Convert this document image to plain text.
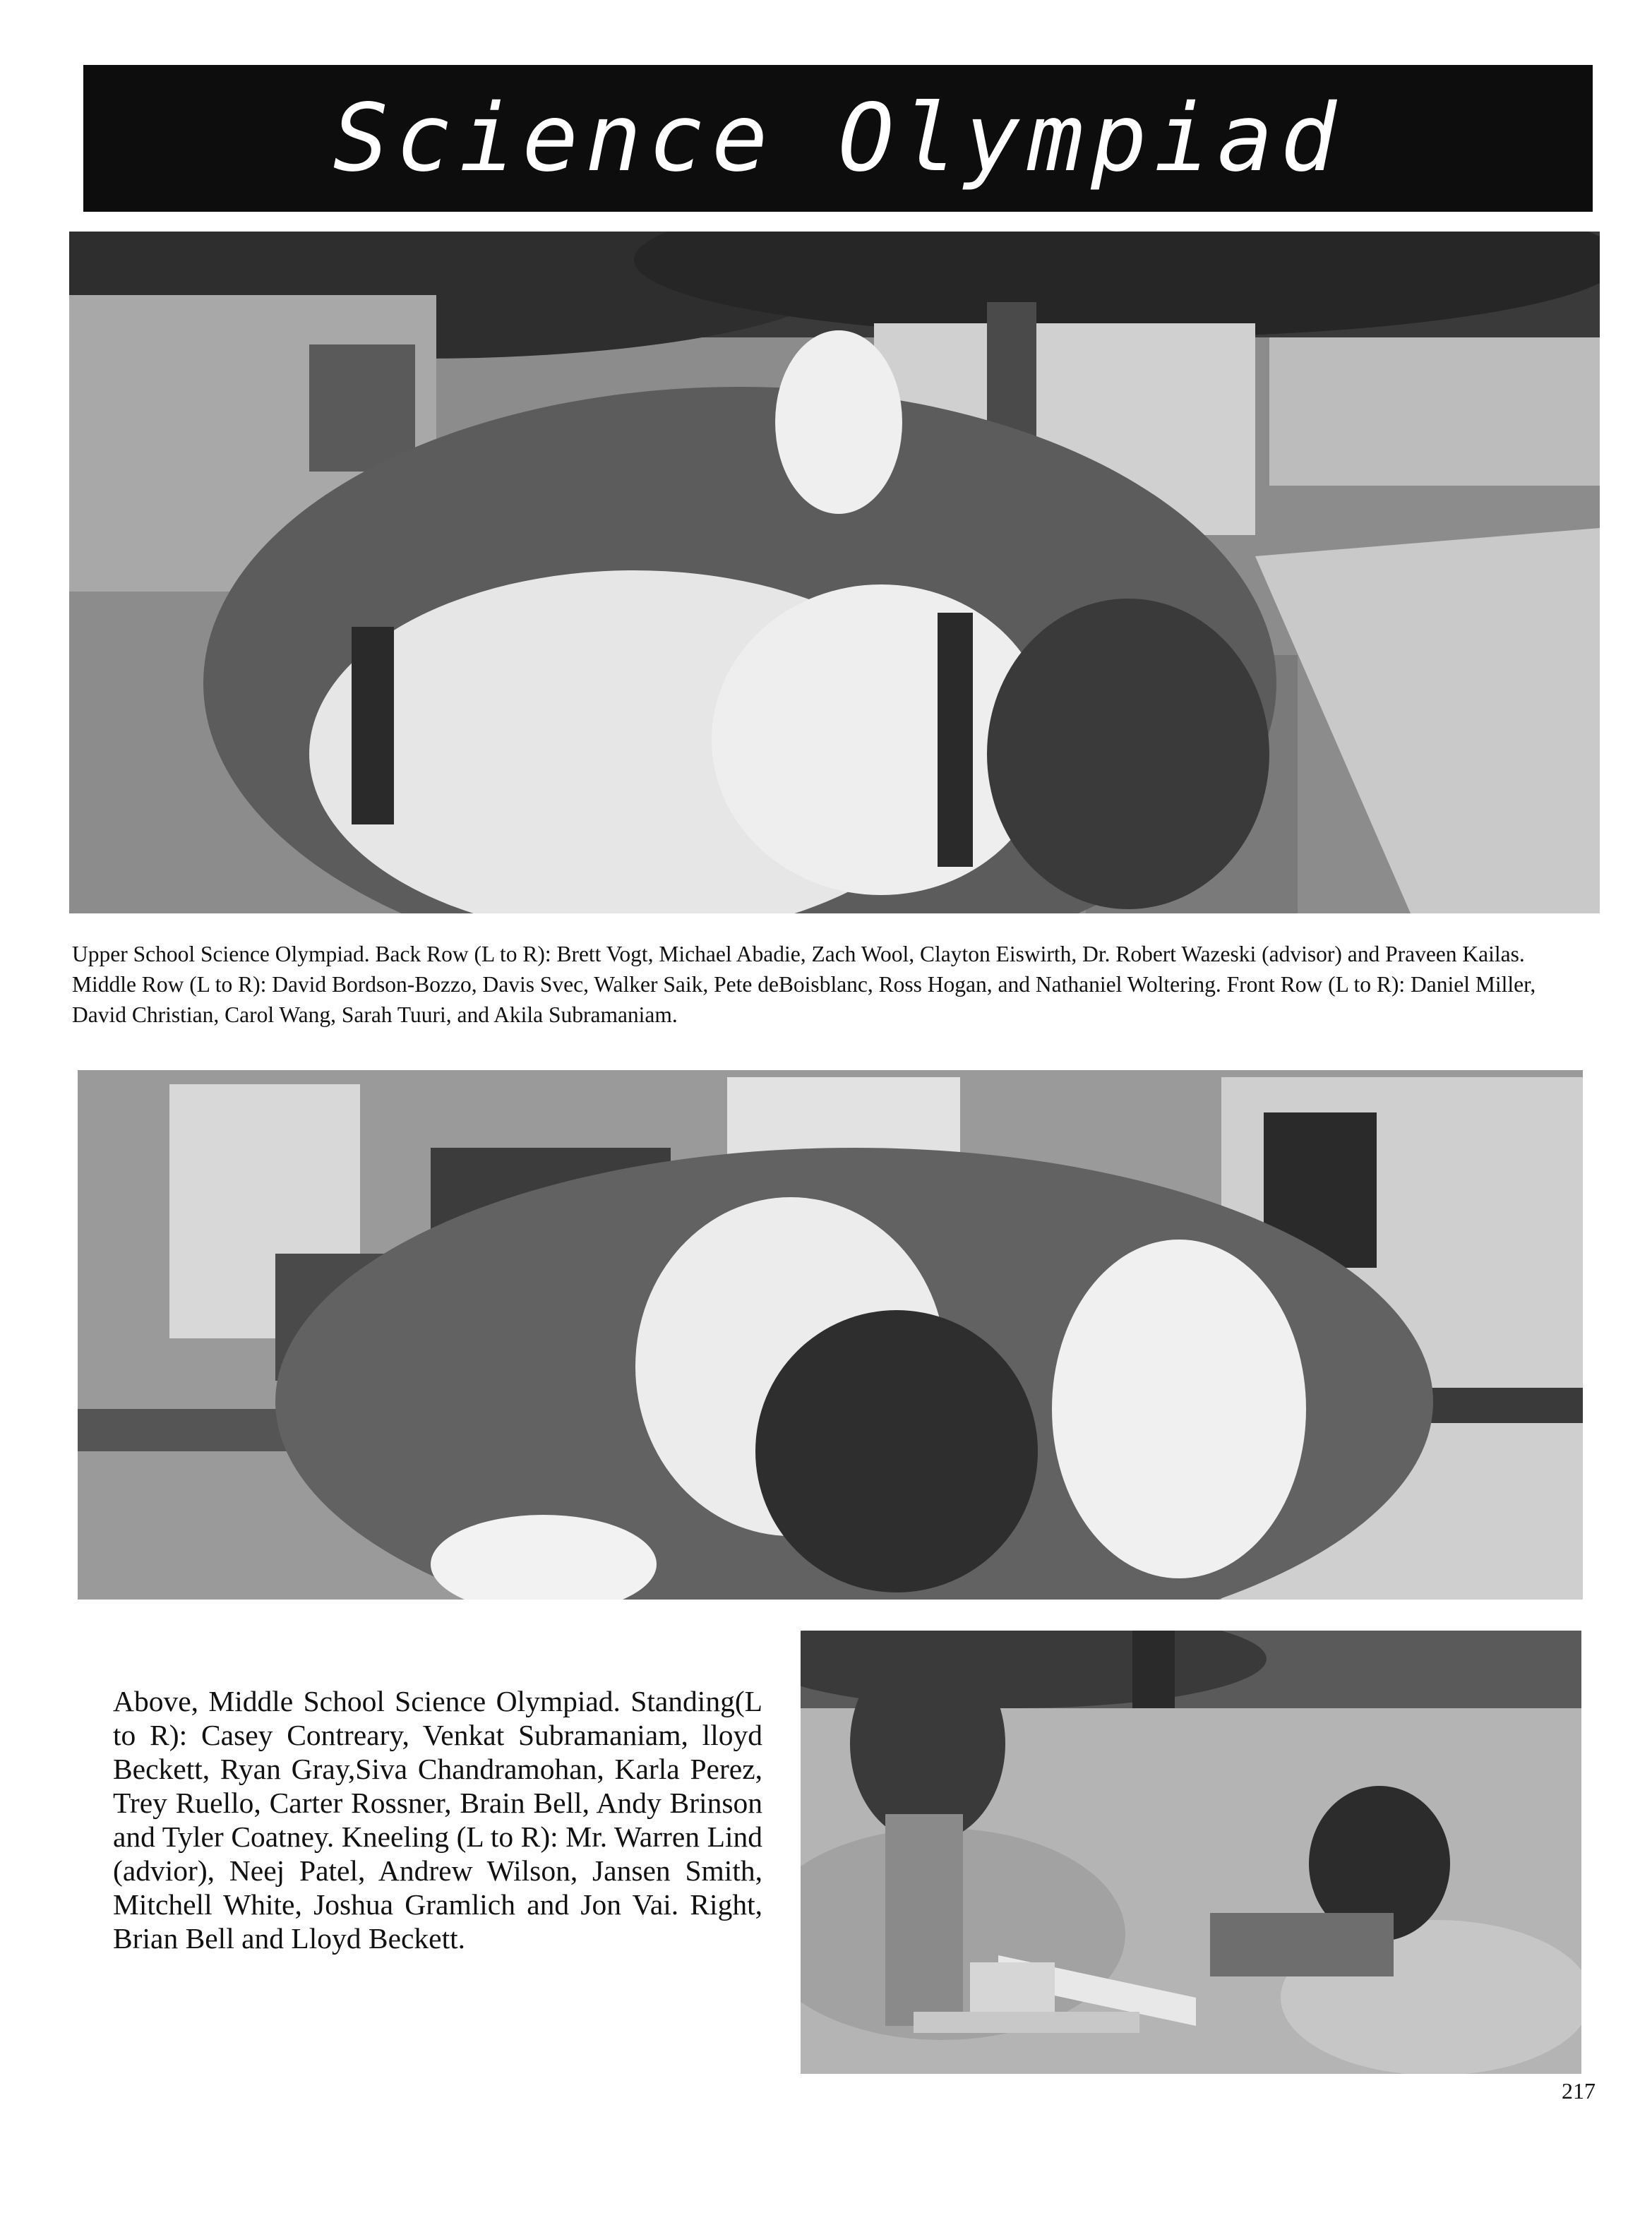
Science Olympiad

Upper School Science Olympiad. Back Row (L to R): Brett Vogt, Michael Abadie, Zach Wool, Clayton Eiswirth, Dr. Robert Wazeski (advisor) and Praveen Kailas. Middle Row (L to R): David Bordson-Bozzo, Davis Svec, Walker Saik, Pete deBoisblanc, Ross Hogan, and Nathaniel Woltering. Front Row (L to R): Daniel Miller, David Christian, Carol Wang, Sarah Tuuri, and Akila Subramaniam.

Above, Middle School Science Olympiad. Standing(L to R): Casey Contreary, Venkat Subramaniam, lloyd Beckett, Ryan Gray,Siva Chandramohan, Karla Perez, Trey Ruello, Carter Rossner, Brain Bell, Andy Brinson and Tyler Coatney. Kneeling (L to R): Mr. Warren Lind (advior), Neej Patel, Andrew Wilson, Jansen Smith, Mitchell White, Joshua Gramlich and Jon Vai. Right, Brian Bell and Lloyd Beckett.

217
